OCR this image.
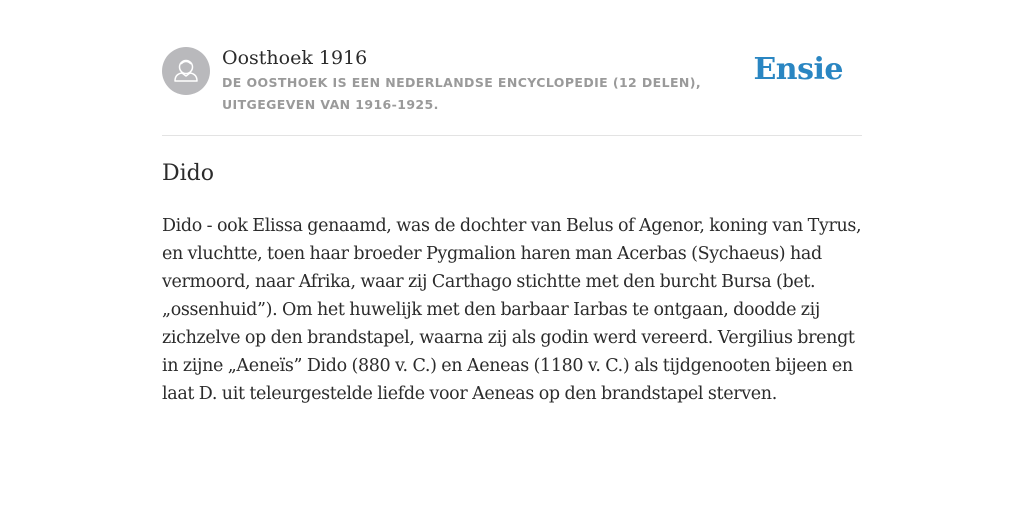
Oosthoek 1916
DE OOSTHOEK IS EEN NEDERLANDSE ENCYCLOPEDIE (12 DELEN), UITGEGEVEN VAN 1916-1925.
Ensie
Dido

Dido - ook Elissa genaamd, was de dochter van Belus of Agenor, koning van Tyrus, en vluchtte, toen haar broeder Pygmalion haren man Acerbas (Sychaeus) had vermoord, naar Afrika, waar zij Carthago stichtte met den burcht Bursa (bet. „ossenhuid”). Om het huwelijk met den barbaar Iarbas te ontgaan, doodde zij zichzelve op den brandstapel, waarna zij als godin werd vereerd. Vergilius brengt in zijne „Aeneïs” Dido (880 v. C.) en Aeneas (1180 v. C.) als tijdgenooten bijeen en laat D. uit teleurgestelde liefde voor Aeneas op den brandstapel sterven.
